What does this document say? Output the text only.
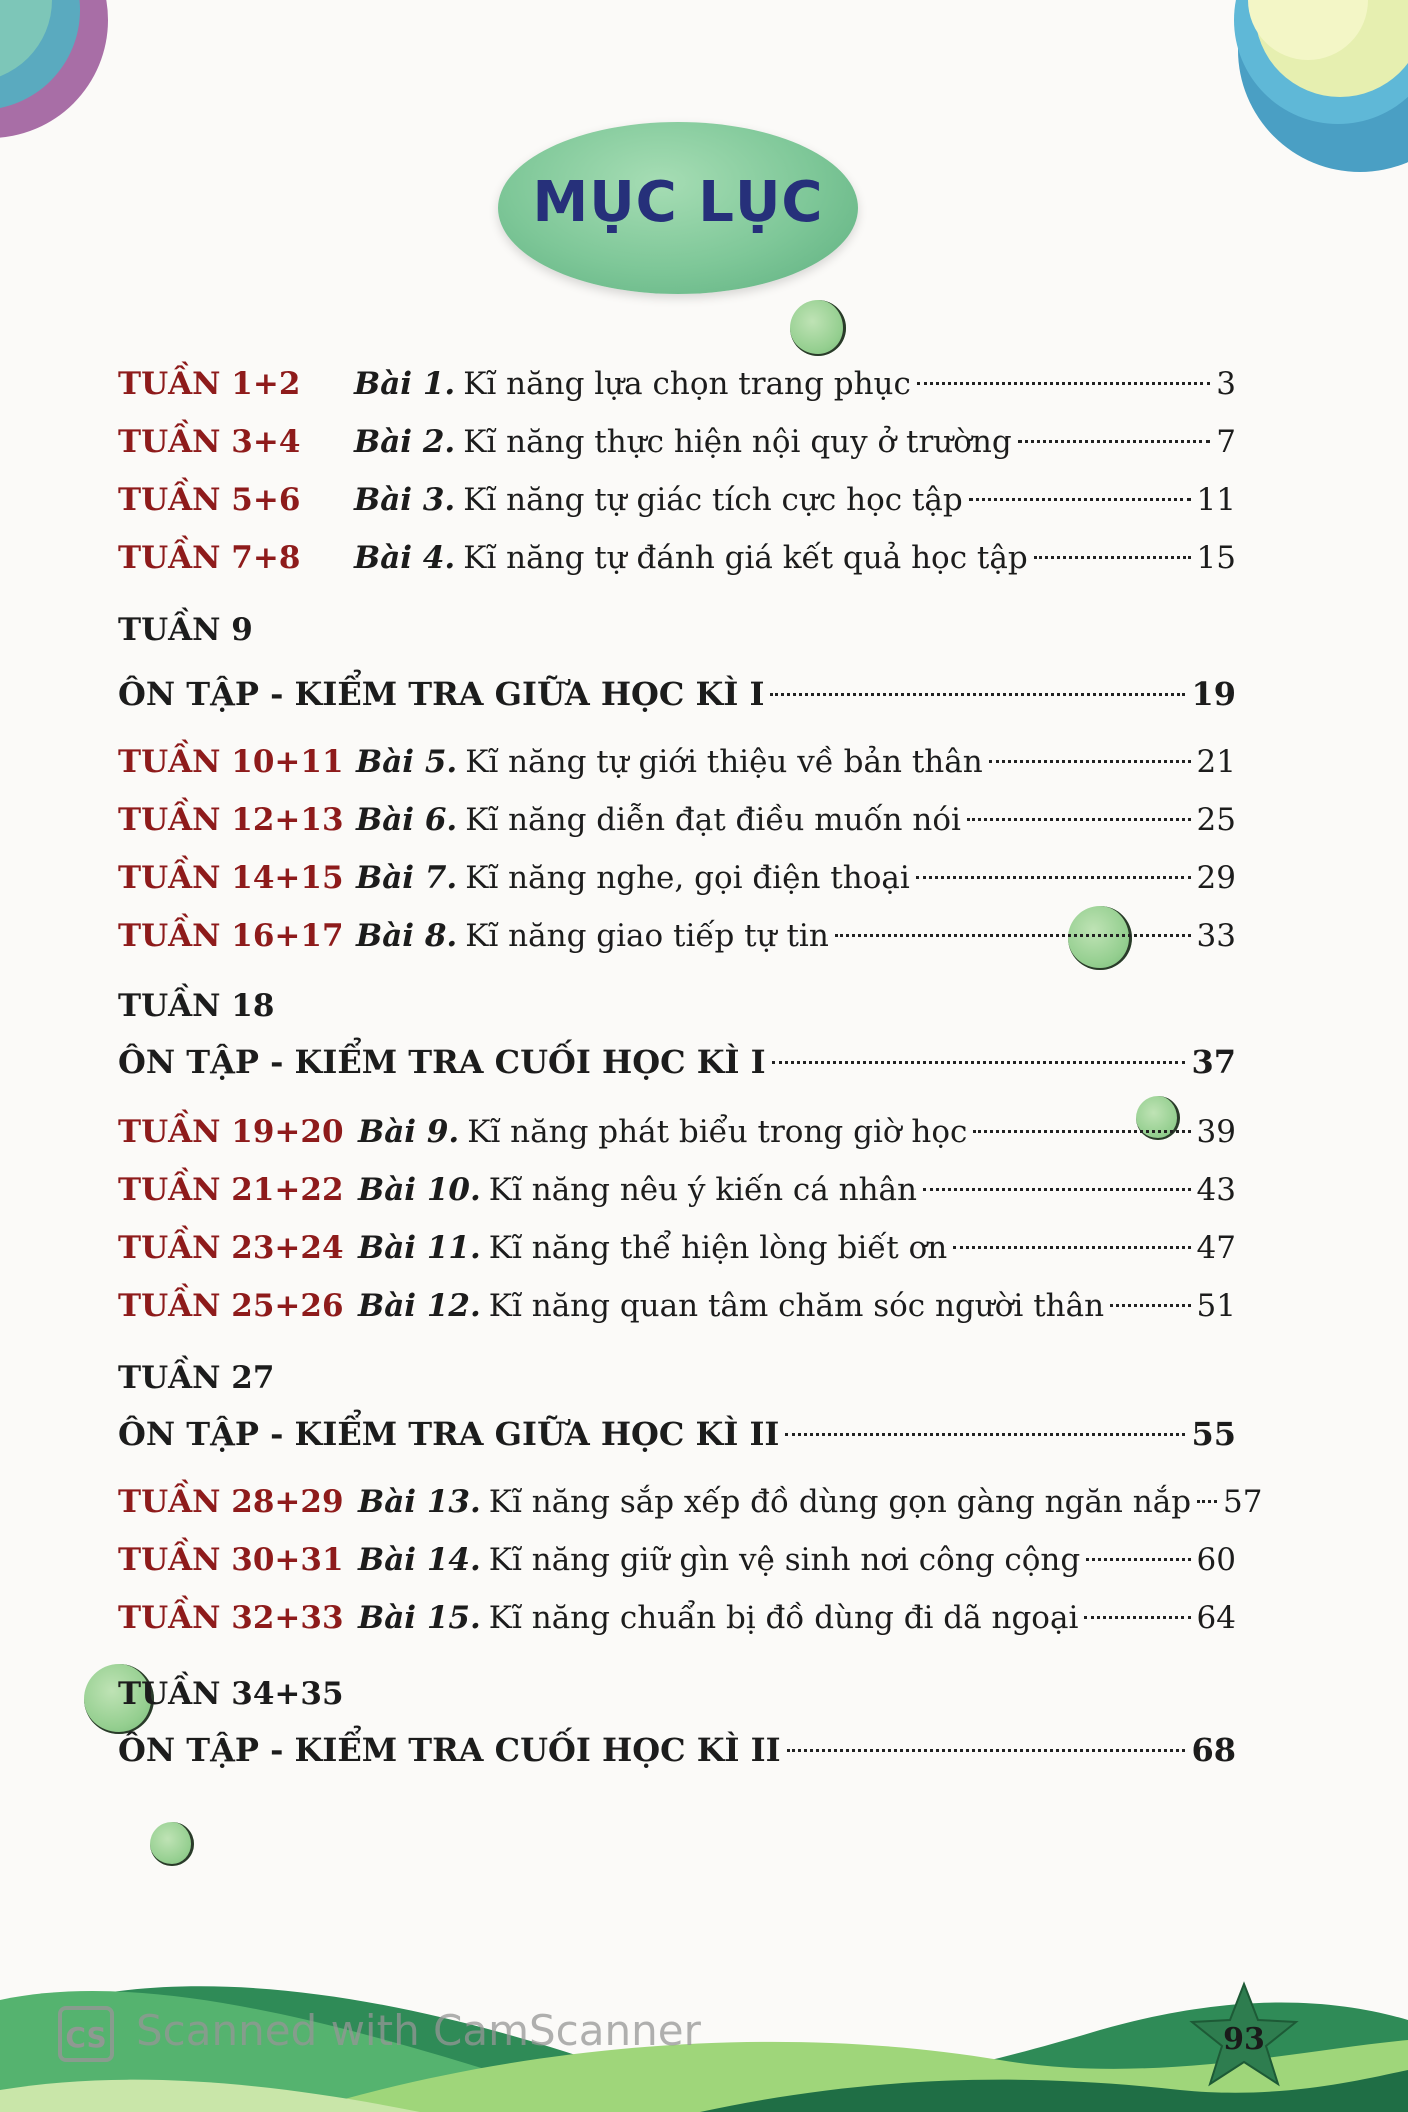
MỤC LỤC
TUẦN 1+2 Bài 1. Kĩ năng lựa chọn trang phục	3
TUẦN 3+4 Bài 2. Kĩ năng thực hiện nội quy ở trường	7
TUẦN 5+6 Bài 3. Kĩ năng tự giác tích cực học tập	11
TUẦN 7+8 Bài 4. Kĩ năng tự đánh giá kết quả học tập	15
TUẦN 9
ÔN TẬP - KIỂM TRA GIỮA HỌC KÌ I	19
TUẦN 10+11 Bài 5. Kĩ năng tự giới thiệu về bản thân	21
TUẦN 12+13 Bài 6. Kĩ năng diễn đạt điều muốn nói	25
TUẦN 14+15 Bài 7. Kĩ năng nghe, gọi điện thoại	29
TUẦN 16+17 Bài 8. Kĩ năng giao tiếp tự tin	33
TUẦN 18
ÔN TẬP - KIỂM TRA CUỐI HỌC KÌ I	37
TUẦN 19+20 Bài 9. Kĩ năng phát biểu trong giờ học	39
TUẦN 21+22 Bài 10. Kĩ năng nêu ý kiến cá nhân	43
TUẦN 23+24 Bài 11. Kĩ năng thể hiện lòng biết ơn	47
TUẦN 25+26 Bài 12. Kĩ năng quan tâm chăm sóc người thân	51
TUẦN 27
ÔN TẬP - KIỂM TRA GIỮA HỌC KÌ II	55
TUẦN 28+29 Bài 13. Kĩ năng sắp xếp đồ dùng gọn gàng ngăn nắp 57
TUẦN 30+31 Bài 14. Kĩ năng giữ gìn vệ sinh nơi công cộng	60
TUẦN 32+33 Bài 15. Kĩ năng chuẩn bị đồ dùng đi dã ngoại	64
TUẦN 34+35
ÔN TẬP - KIỂM TRA CUỐI HỌC KÌ II	68
93
CS Scanned with CamScanner
